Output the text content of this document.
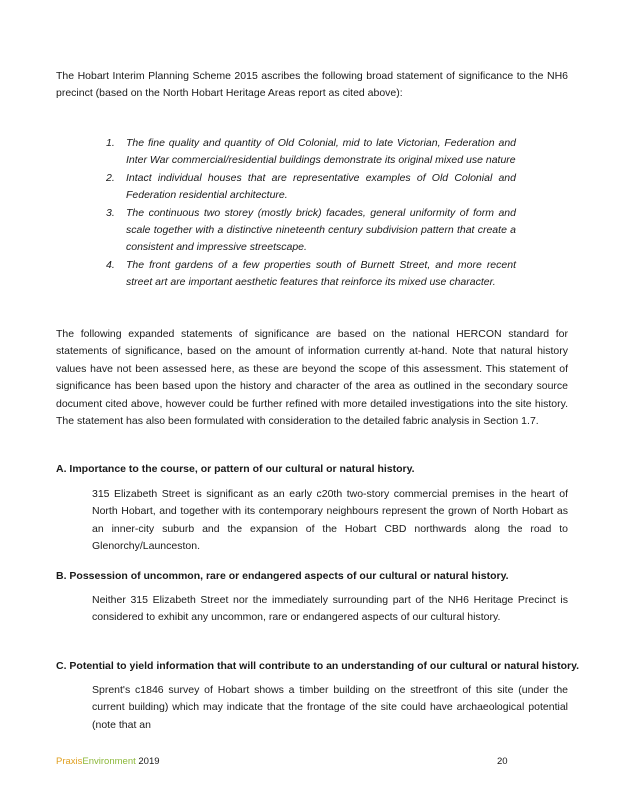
The Hobart Interim Planning Scheme 2015 ascribes the following broad statement of significance to the NH6 precinct (based on the North Hobart Heritage Areas report as cited above):

1. The fine quality and quantity of Old Colonial, mid to late Victorian, Federation and Inter War commercial/residential buildings demonstrate its original mixed use nature
2. Intact individual houses that are representative examples of Old Colonial and Federation residential architecture.
3. The continuous two storey (mostly brick) facades, general uniformity of form and scale together with a distinctive nineteenth century subdivision pattern that create a consistent and impressive streetscape.
4. The front gardens of a few properties south of Burnett Street, and more recent street art are important aesthetic features that reinforce its mixed use character.

The following expanded statements of significance are based on the national HERCON standard for statements of significance, based on the amount of information currently at-hand. Note that natural history values have not been assessed here, as these are beyond the scope of this assessment. This statement of significance has been based upon the history and character of the area as outlined in the secondary source document cited above, however could be further refined with more detailed investigations into the site history. The statement has also been formulated with consideration to the detailed fabric analysis in Section 1.7.

A. Importance to the course, or pattern of our cultural or natural history.

315 Elizabeth Street is significant as an early c20th two-story commercial premises in the heart of North Hobart, and together with its contemporary neighbours represent the grown of North Hobart as an inner-city suburb and the expansion of the Hobart CBD northwards along the road to Glenorchy/Launceston.

B. Possession of uncommon, rare or endangered aspects of our cultural or natural history.

Neither 315 Elizabeth Street nor the immediately surrounding part of the NH6 Heritage Precinct is considered to exhibit any uncommon, rare or endangered aspects of our cultural history.

C. Potential to yield information that will contribute to an understanding of our cultural or natural history.

Sprent's c1846 survey of Hobart shows a timber building on the streetfront of this site (under the current building) which may indicate that the frontage of the site could have archaeological potential (note that an

PraxisEnvironment 2019	20
